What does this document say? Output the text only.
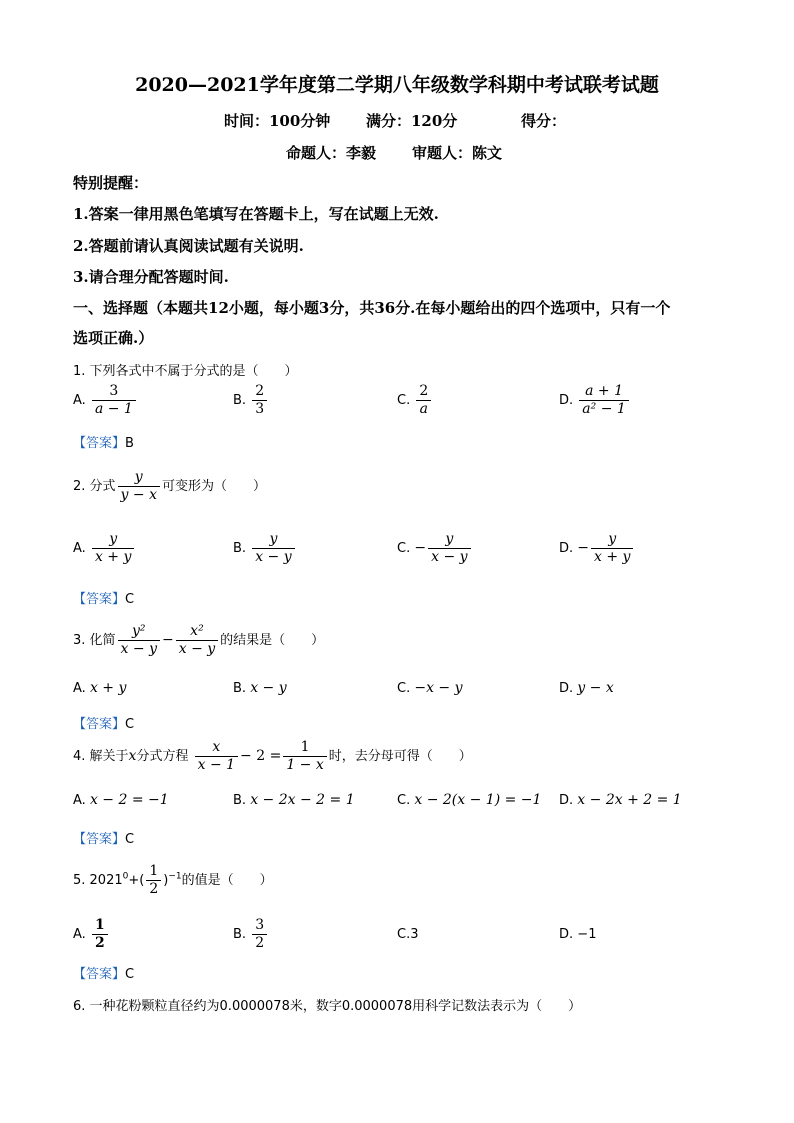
2020—2021学年度第二学期八年级数学科期中考试联考试题
时间：100分钟 满分：120分	得分：
命题人：李毅 审题人：陈文
特别提醒：
1.答案一律用黑色笔填写在答题卡上，写在试题上无效.
2.答题前请认真阅读试题有关说明.
3.请合理分配答题时间.
一、选择题（本题共12小题，每小题3分，共36分.在每小题给出的四个选项中，只有一个
选项正确.）
1. 下列各式中不属于分式的是（　　）
A. $\frac{3}{a - 1}$	B. $\frac{2}{3}$	C. $\frac{2}{a}$	D. $\frac{a + 1}{\text{a² − 1}}$
【答案】B
2. 分式 $\frac{y}{y - x}$ 可变形为（　　）
A. $\frac{y}{x + y}$	B. $\frac{y}{x - y}$	C. − $\frac{y}{x - y}$	D. − $\frac{y}{x + y}$
【答案】C
3. 化简 $\frac{\text{y²}}{x - y} - \frac{\text{x²}}{x - y}$ 的结果是（　　）
A. x + y	B. x − y	C. −x − y	D. y − x
【答案】C
4. 解关于x分式方程 $\frac{x}{x - 1} - 2 = \frac{1}{1 - x}$ 时，去分母可得（　　）
A. x − 2 = −1	B. x − 2x − 2 = 1	C. x − 2(x − 1) = −1 D. x − 2x + 2 = 1
【答案】C
5. $2021^0+( \frac{1}{2} )^{-1}$的值是（　　）
A. $\frac{1}{2}$	B. $\frac{3}{2}$	C.3	D. −1
【答案】C
6. 一种花粉颗粒直径约为0.0000078米，数字0.0000078用科学记数法表示为（　　）
